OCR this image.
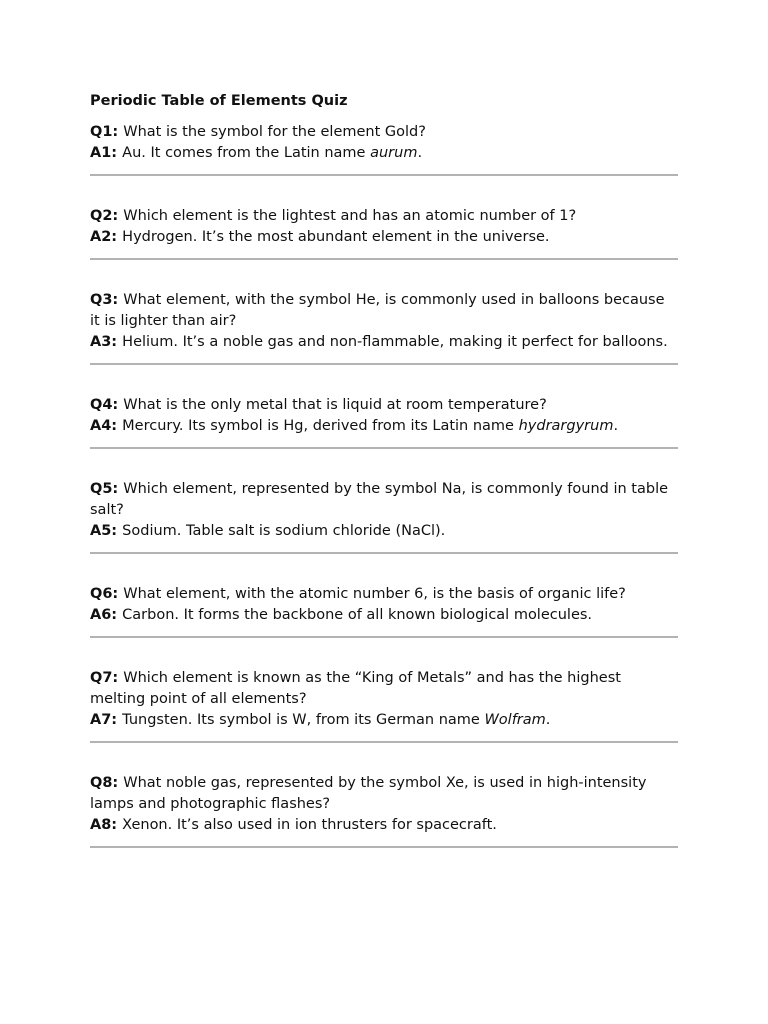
Periodic Table of Elements Quiz

Q1: What is the symbol for the element Gold?

A1: Au. It comes from the Latin name aurum.

Q2: Which element is the lightest and has an atomic number of 1?

A2: Hydrogen. It’s the most abundant element in the universe.

Q3: What element, with the symbol He, is commonly used in balloons because it is lighter than air?

A3: Helium. It’s a noble gas and non-flammable, making it perfect for balloons.

Q4: What is the only metal that is liquid at room temperature?

A4: Mercury. Its symbol is Hg, derived from its Latin name hydrargyrum.

Q5: Which element, represented by the symbol Na, is commonly found in table salt?

A5: Sodium. Table salt is sodium chloride (NaCl).

Q6: What element, with the atomic number 6, is the basis of organic life?

A6: Carbon. It forms the backbone of all known biological molecules.

Q7: Which element is known as the “King of Metals” and has the highest melting point of all elements?

A7: Tungsten. Its symbol is W, from its German name Wolfram.

Q8: What noble gas, represented by the symbol Xe, is used in high-intensity lamps and photographic flashes?

A8: Xenon. It’s also used in ion thrusters for spacecraft.
